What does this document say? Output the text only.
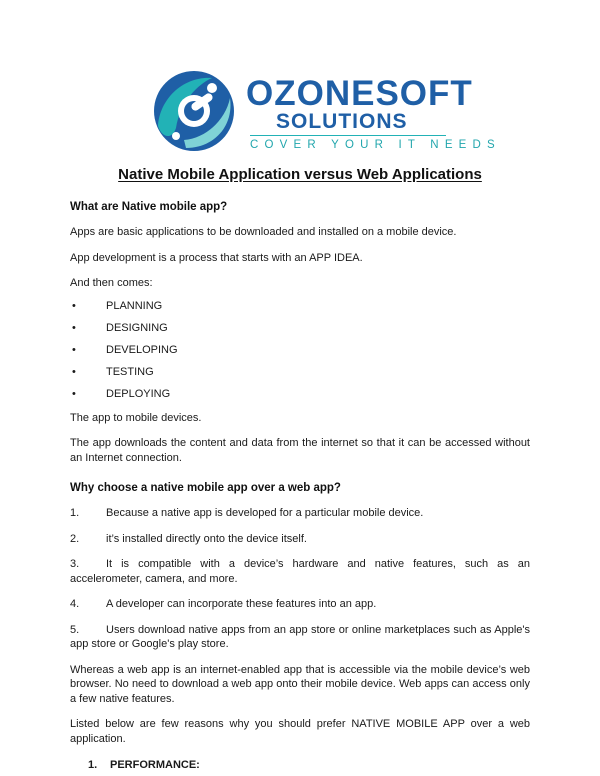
OZONESOFT
SOLUTIONS
COVER YOUR IT NEEDS
Native Mobile Application versus Web Applications
What are Native mobile app?

Apps are basic applications to be downloaded and installed on a mobile device.

App development is a process that starts with an APP IDEA.

And then comes:

•	PLANNING
•	DESIGNING
•	DEVELOPING
•	TESTING
•	DEPLOYING

The app to mobile devices.

The app downloads the content and data from the internet so that it can be accessed without an Internet connection.

Why choose a native mobile app over a web app?
1. Because a native app is developed for a particular mobile device.
2. it’s installed directly onto the device itself.
3. It is compatible with a device’s hardware and native features, such as an accelerometer, camera, and more.
4. A developer can incorporate these features into an app.
5. Users download native apps from an app store or online marketplaces such as Apple's app store or Google's play store.

Whereas a web app is an internet-enabled app that is accessible via the mobile device’s web browser. No need to download a web app onto their mobile device. Web apps can access only a few native features.

Listed below are few reasons why you should prefer NATIVE MOBILE APP over a web application.

1. PERFORMANCE:
